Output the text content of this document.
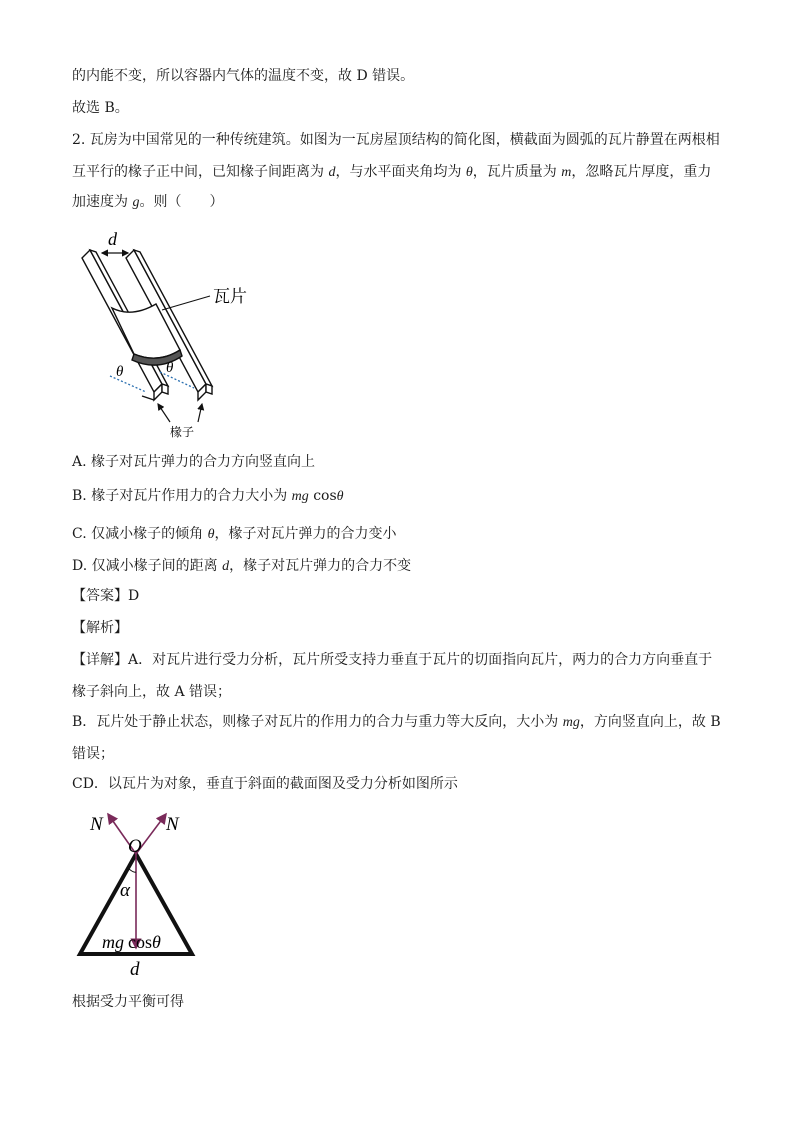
的内能不变，所以容器内气体的温度不变，故 D 错误。
故选 B。
2. 瓦房为中国常见的一种传统建筑。如图为一瓦房屋顶结构的简化图，横截面为圆弧的瓦片静置在两根相
互平行的椽子正中间，已知椽子间距离为 d，与水平面夹角均为 θ，瓦片质量为 m，忽略瓦片厚度，重力
加速度为 g。则（　　）
d
瓦片
θ	θ
椽子
A. 椽子对瓦片弹力的合力方向竖直向上
B. 椽子对瓦片作用力的合力大小为 mg cosθ
C. 仅减小椽子的倾角 θ，椽子对瓦片弹力的合力变小
D. 仅减小椽子间的距离 d，椽子对瓦片弹力的合力不变
【答案】D
【解析】
【详解】A．对瓦片进行受力分析，瓦片所受支持力垂直于瓦片的切面指向瓦片，两力的合力方向垂直于
椽子斜向上，故 A 错误；
B．瓦片处于静止状态，则椽子对瓦片的作用力的合力与重力等大反向，大小为 mg，方向竖直向上，故 B
错误；
CD．以瓦片为对象，垂直于斜面的截面图及受力分析如图所示
N	N
O
α
mg cosθ
d
根据受力平衡可得
